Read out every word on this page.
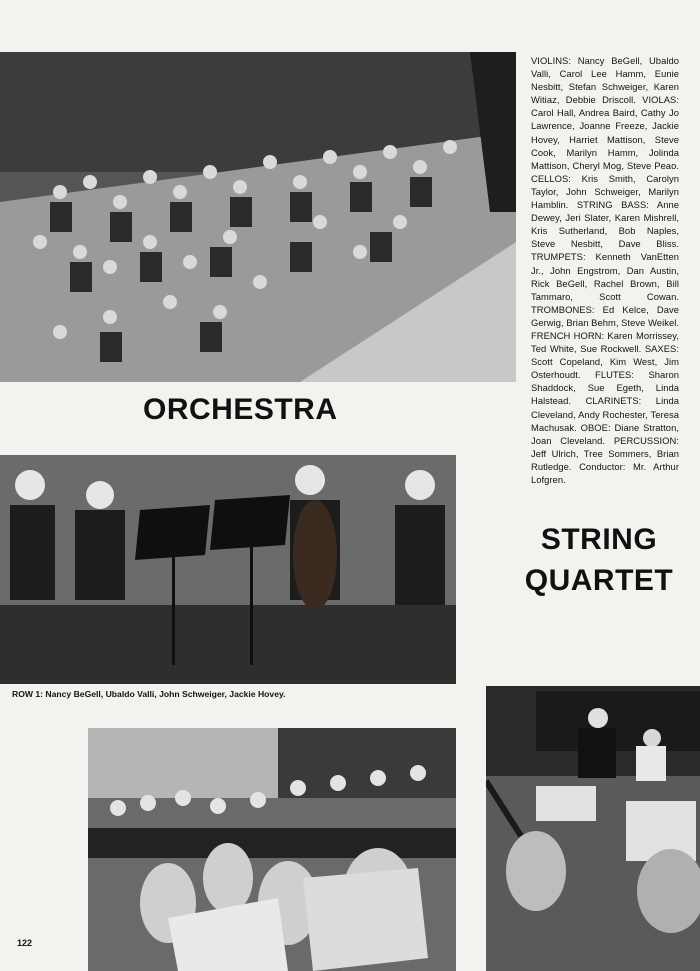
VIOLINS: Nancy BeGell, Ubaldo Valli, Carol Lee Hamm, Eunie Nesbitt, Stefan Schweiger, Karen Witiaz, Debbie Driscoll. VIOLAS: Carol Hall, Andrea Baird, Cathy Jo Lawrence, Joanne Freeze, Jackie Hovey, Harriet Mattison, Steve Cook, Marilyn Hamm, Jolinda Mattison, Cheryl Mog, Steve Peao. CELLOS: Kris Smith, Carolyn Taylor, John Schweiger, Marilyn Hamblin. STRING BASS: Anne Dewey, Jeri Slater, Karen Mishrell, Kris Sutherland, Bob Naples, Steve Nesbitt, Dave Bliss. TRUMPETS: Kenneth VanEtten Jr., John Engstrom, Dan Austin, Rick BeGell, Rachel Brown, Bill Tammaro, Scott Cowan. TROMBONES: Ed Kelce, Dave Gerwig, Brian Behm, Steve Weikel. FRENCH HORN: Karen Morrissey, Ted White, Sue Rockwell. SAXES: Scott Copeland, Kim West, Jim Osterhoudt. FLUTES: Sharon Shaddock, Sue Egeth, Linda Halstead. CLARINETS: Linda Cleveland, Andy Rochester, Teresa Machusak. OBOE: Diane Stratton, Joan Cleveland. PERCUSSION: Jeff Ulrich, Tree Sommers, Brian Rutledge. Conductor: Mr. Arthur Lofgren.
ORCHESTRA
STRING
QUARTET
ROW 1: Nancy BeGell, Ubaldo Valli, John Schweiger, Jackie Hovey.
122
